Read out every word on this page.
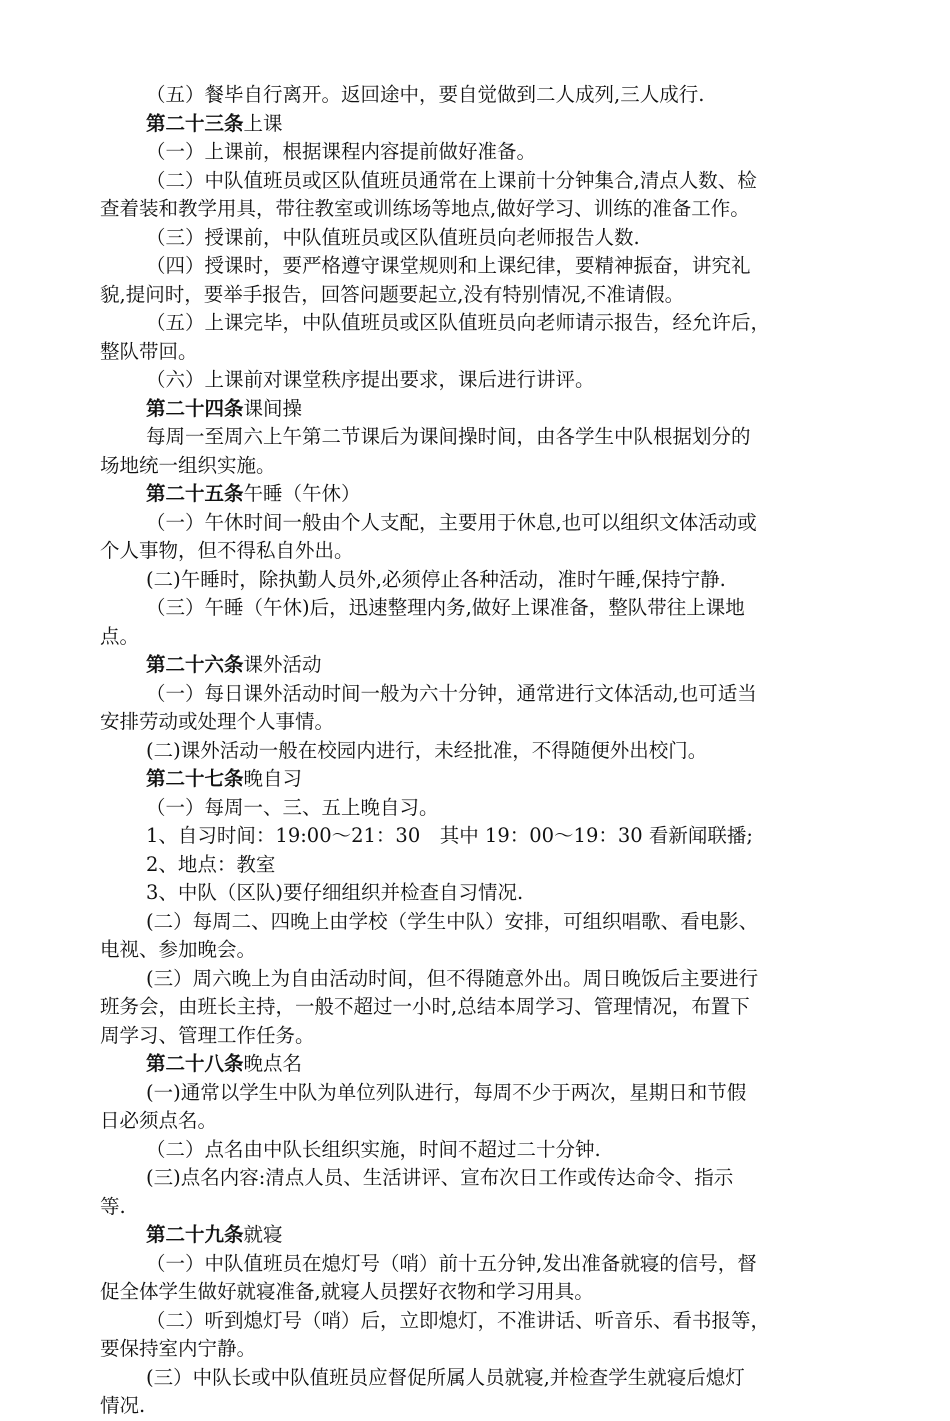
（五）餐毕自行离开。返回途中，要自觉做到二人成列,三人成行.
第二十三条上课
（一）上课前，根据课程内容提前做好准备。
（二）中队值班员或区队值班员通常在上课前十分钟集合,清点人数、检
查着装和教学用具，带往教室或训练场等地点,做好学习、训练的准备工作。
（三）授课前，中队值班员或区队值班员向老师报告人数.
（四）授课时，要严格遵守课堂规则和上课纪律，要精神振奋，讲究礼
貌,提问时，要举手报告，回答问题要起立,没有特别情况,不准请假。
（五）上课完毕，中队值班员或区队值班员向老师请示报告，经允许后，
整队带回。
（六）上课前对课堂秩序提出要求，课后进行讲评。
第二十四条课间操
每周一至周六上午第二节课后为课间操时间，由各学生中队根据划分的
场地统一组织实施。
第二十五条午睡（午休）
（一）午休时间一般由个人支配，主要用于休息,也可以组织文体活动或
个人事物，但不得私自外出。
(二)午睡时，除执勤人员外,必须停止各种活动，准时午睡,保持宁静.
（三）午睡（午休)后，迅速整理内务,做好上课准备，整队带往上课地
点。
第二十六条课外活动
（一）每日课外活动时间一般为六十分钟，通常进行文体活动,也可适当
安排劳动或处理个人事情。
(二)课外活动一般在校园内进行，未经批准，不得随便外出校门。
第二十七条晚自习
（一）每周一、三、五上晚自习。
1、自习时间：19:00～21：30　其中 19：00～19：30 看新闻联播;
2、地点：教室
3、中队（区队)要仔细组织并检查自习情况.
(二）每周二、四晚上由学校（学生中队）安排，可组织唱歌、看电影、
电视、参加晚会。
(三）周六晚上为自由活动时间，但不得随意外出。周日晚饭后主要进行
班务会，由班长主持，一般不超过一小时,总结本周学习、管理情况，布置下
周学习、管理工作任务。
第二十八条晚点名
(一)通常以学生中队为单位列队进行，每周不少于两次，星期日和节假
日必须点名。
（二）点名由中队长组织实施，时间不超过二十分钟.
(三)点名内容:清点人员、生活讲评、宣布次日工作或传达命令、指示
等.
第二十九条就寝
（一）中队值班员在熄灯号（哨）前十五分钟,发出准备就寝的信号，督
促全体学生做好就寝准备,就寝人员摆好衣物和学习用具。
（二）听到熄灯号（哨）后，立即熄灯，不准讲话、听音乐、看书报等，
要保持室内宁静。
(三）中队长或中队值班员应督促所属人员就寝,并检查学生就寝后熄灯
情况.
